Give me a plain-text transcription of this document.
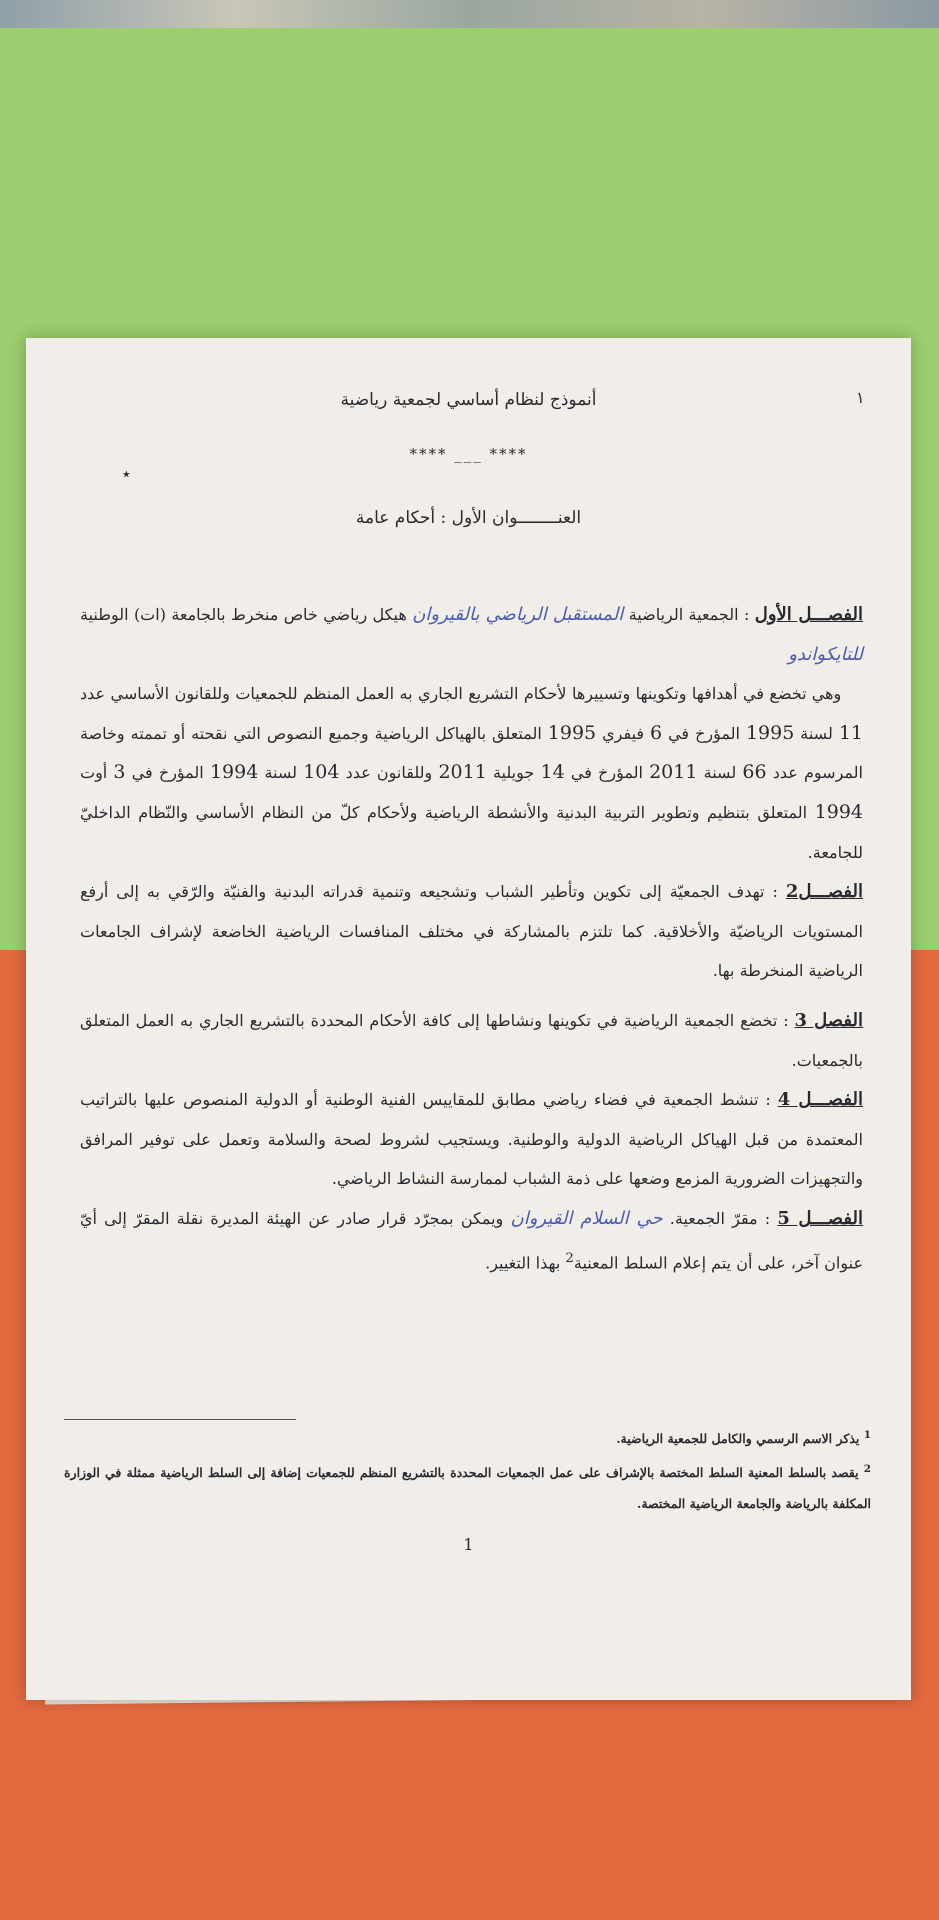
أنموذج لنظام أساسي لجمعية رياضية
**** ___ ****
العنــــــــوان الأول : أحكام عامة
٭
١

الفصـــل الأول : الجمعية الرياضية المستقبل الرياضي بالقيروان هيكل رياضي خاص منخرط بالجامعة (ات) الوطنية للتايكواندو

وهي تخضع في أهدافها وتكوينها وتسييرها لأحكام التشريع الجاري به العمل المنظم للجمعيات وللقانون الأساسي عدد 11 لسنة 1995 المؤرخ في 6 فيفري 1995 المتعلق بالهياكل الرياضية وجميع النصوص التي نقحته أو تممته وخاصة المرسوم عدد 66 لسنة 2011 المؤرخ في 14 جويلية 2011 وللقانون عدد 104 لسنة 1994 المؤرخ في 3 أوت 1994 المتعلق بتنظيم وتطوير التربية البدنية والأنشطة الرياضية ولأحكام كلّ من النظام الأساسي والنّظام الداخليّ للجامعة.

الفصـــل2 : تهدف الجمعيّة إلى تكوين وتأطير الشباب وتشجيعه وتنمية قدراته البدنية والفنيّة والرّقي به إلى أرفع المستويات الرياضيّة والأخلاقية. كما تلتزم بالمشاركة في مختلف المنافسات الرياضية الخاضعة لإشراف الجامعات الرياضية المنخرطة بها.

الفصل 3 : تخضع الجمعية الرياضية في تكوينها ونشاطها إلى كافة الأحكام المحددة بالتشريع الجاري به العمل المتعلق بالجمعيات.

الفصـــل 4 : تنشط الجمعية في فضاء رياضي مطابق للمقاييس الفنية الوطنية أو الدولية المنصوص عليها بالتراتيب المعتمدة من قبل الهياكل الرياضية الدولية والوطنية. ويستجيب لشروط لصحة والسلامة وتعمل على توفير المرافق والتجهيزات الضرورية المزمع وضعها على ذمة الشباب لممارسة النشاط الرياضي.

الفصـــل 5 : مقرّ الجمعية. حي السلام القيروان ويمكن بمجرّد قرار صادر عن الهيئة المديرة نقلة المقرّ إلى أيّ عنوان آخر، على أن يتم إعلام السلط المعنية$^2$ بهذا التغيير.

$^1$ يذكر الاسم الرسمي والكامل للجمعية الرياضية.

$^2$ يقصد بالسلط المعنية السلط المختصة بالإشراف على عمل الجمعيات المحددة بالتشريع المنظم للجمعيات إضافة إلى السلط الرياضية ممثلة في الوزارة المكلفة بالرياضة والجامعة الرياضية المختصة.

1
